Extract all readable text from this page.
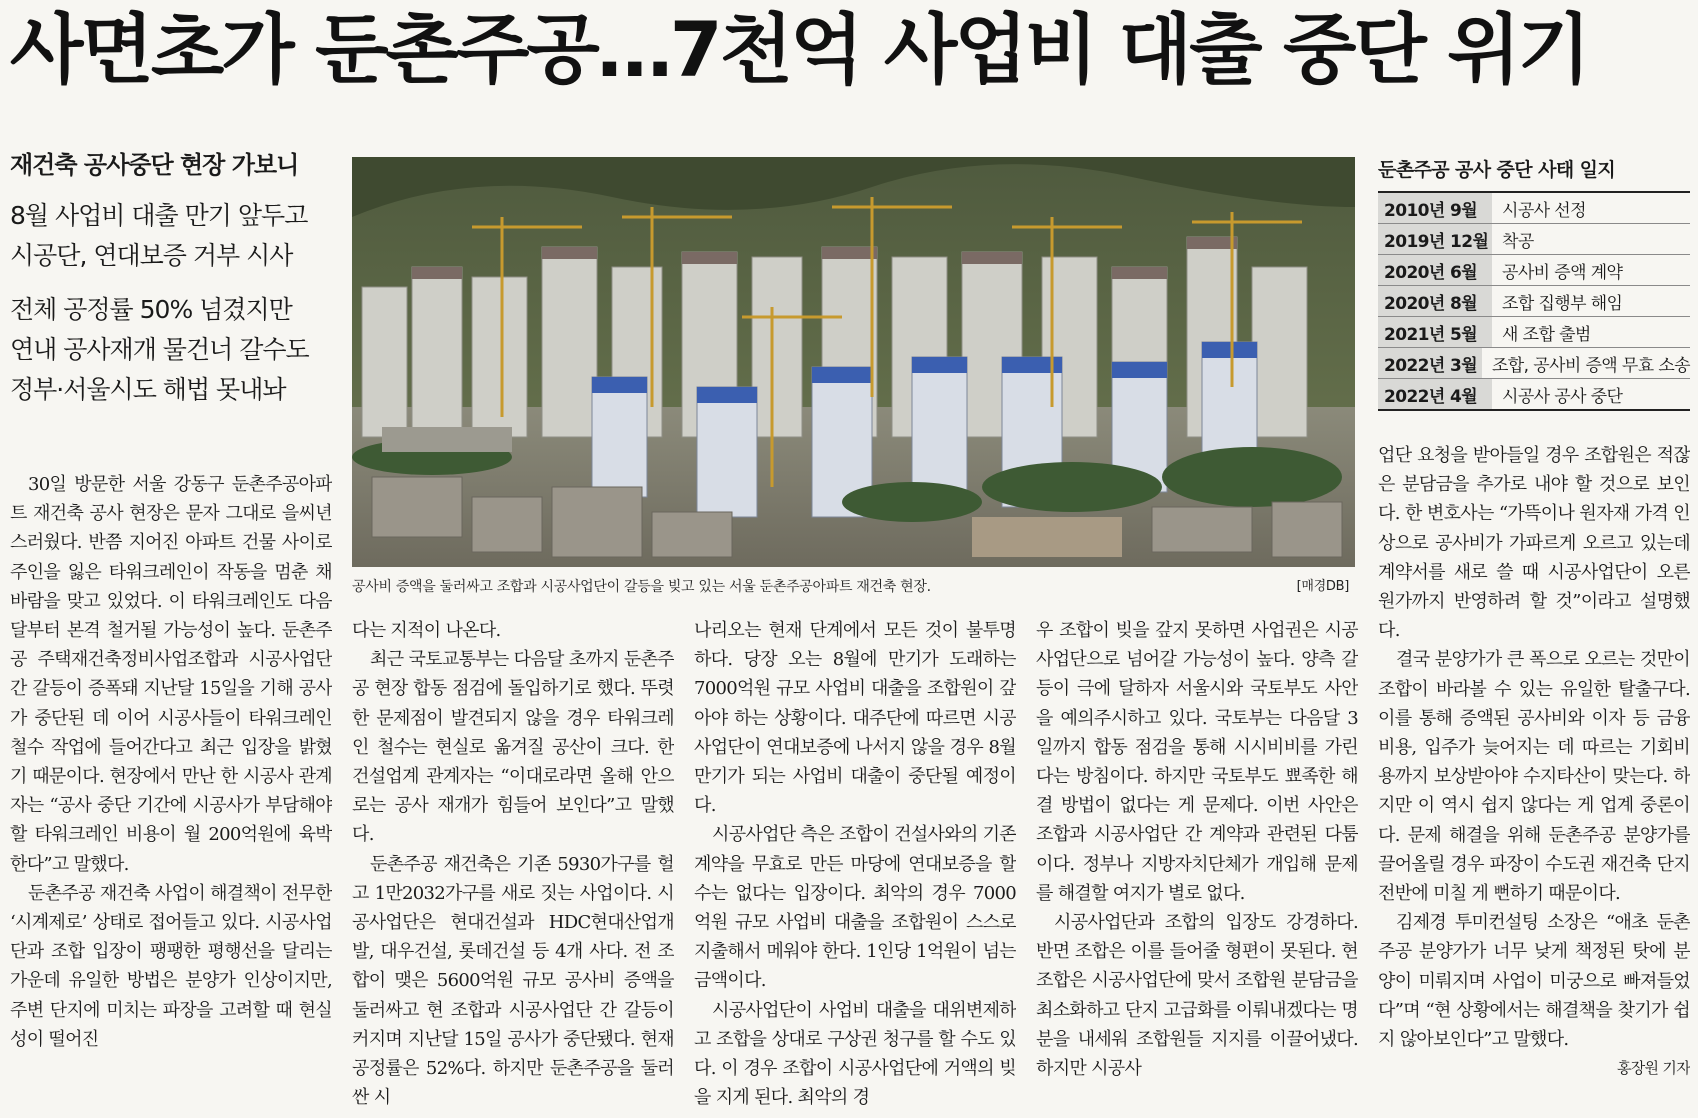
사면초가 둔촌주공…7천억 사업비 대출 중단 위기
재건축 공사중단 현장 가보니
8월 사업비 대출 만기 앞두고
시공단, 연대보증 거부 시사
전체 공정률 50% 넘겼지만
연내 공사재개 물건너 갈수도
정부·서울시도 해법 못내놔
공사비 증액을 둘러싸고 조합과 시공사업단이 갈등을 빚고 있는 서울 둔촌주공아파트 재건축 현장.	[매경DB]
둔촌주공 공사 중단 사태 일지
2010년 9월	시공사 선정
2019년 12월 착공
2020년 6월	공사비 증액 계약
2020년 8월	조합 집행부 해임
2021년 5월	새 조합 출범
2022년 3월 조합, 공사비 증액 무효 소송
2022년 4월	시공사 공사 중단

30일 방문한 서울 강동구 둔촌주공아파트 재건축 공사 현장은 문자 그대로 을씨년스러웠다. 반쯤 지어진 아파트 건물 사이로 주인을 잃은 타워크레인이 작동을 멈춘 채 바람을 맞고 있었다. 이 타워크레인도 다음달부터 본격 철거될 가능성이 높다. 둔촌주공 주택재건축정비사업조합과 시공사업단 간 갈등이 증폭돼 지난달 15일을 기해 공사가 중단된 데 이어 시공사들이 타워크레인 철수 작업에 들어간다고 최근 입장을 밝혔기 때문이다. 현장에서 만난 한 시공사 관계자는 “공사 중단 기간에 시공사가 부담해야 할 타워크레인 비용이 월 200억원에 육박한다”고 말했다.

둔촌주공 재건축 사업이 해결책이 전무한 ‘시계제로’ 상태로 접어들고 있다. 시공사업단과 조합 입장이 팽팽한 평행선을 달리는 가운데 유일한 방법은 분양가 인상이지만, 주변 단지에 미치는 파장을 고려할 때 현실성이 떨어진

다는 지적이 나온다.

최근 국토교통부는 다음달 초까지 둔촌주공 현장 합동 점검에 돌입하기로 했다. 뚜렷한 문제점이 발견되지 않을 경우 타워크레인 철수는 현실로 옮겨질 공산이 크다. 한 건설업계 관계자는 “이대로라면 올해 안으로는 공사 재개가 힘들어 보인다”고 말했다.

둔촌주공 재건축은 기존 5930가구를 헐고 1만2032가구를 새로 짓는 사업이다. 시공사업단은 현대건설과 HDC현대산업개발, 대우건설, 롯데건설 등 4개 사다. 전 조합이 맺은 5600억원 규모 공사비 증액을 둘러싸고 현 조합과 시공사업단 간 갈등이 커지며 지난달 15일 공사가 중단됐다. 현재 공정률은 52%다. 하지만 둔촌주공을 둘러싼 시

나리오는 현재 단계에서 모든 것이 불투명하다. 당장 오는 8월에 만기가 도래하는 7000억원 규모 사업비 대출을 조합원이 갚아야 하는 상황이다. 대주단에 따르면 시공사업단이 연대보증에 나서지 않을 경우 8월 만기가 되는 사업비 대출이 중단될 예정이다.

시공사업단 측은 조합이 건설사와의 기존 계약을 무효로 만든 마당에 연대보증을 할 수는 없다는 입장이다. 최악의 경우 7000억원 규모 사업비 대출을 조합원이 스스로 지출해서 메워야 한다. 1인당 1억원이 넘는 금액이다.

시공사업단이 사업비 대출을 대위변제하고 조합을 상대로 구상권 청구를 할 수도 있다. 이 경우 조합이 시공사업단에 거액의 빚을 지게 된다. 최악의 경

우 조합이 빚을 갚지 못하면 사업권은 시공사업단으로 넘어갈 가능성이 높다. 양측 갈등이 극에 달하자 서울시와 국토부도 사안을 예의주시하고 있다. 국토부는 다음달 3일까지 합동 점검을 통해 시시비비를 가린다는 방침이다. 하지만 국토부도 뾰족한 해결 방법이 없다는 게 문제다. 이번 사안은 조합과 시공사업단 간 계약과 관련된 다툼이다. 정부나 지방자치단체가 개입해 문제를 해결할 여지가 별로 없다.

시공사업단과 조합의 입장도 강경하다. 반면 조합은 이를 들어줄 형편이 못된다. 현 조합은 시공사업단에 맞서 조합원 분담금을 최소화하고 단지 고급화를 이뤄내겠다는 명분을 내세워 조합원들 지지를 이끌어냈다. 하지만 시공사

업단 요청을 받아들일 경우 조합원은 적잖은 분담금을 추가로 내야 할 것으로 보인다. 한 변호사는 “가뜩이나 원자재 가격 인상으로 공사비가 가파르게 오르고 있는데 계약서를 새로 쓸 때 시공사업단이 오른 원가까지 반영하려 할 것”이라고 설명했다.

결국 분양가가 큰 폭으로 오르는 것만이 조합이 바라볼 수 있는 유일한 탈출구다. 이를 통해 증액된 공사비와 이자 등 금융 비용, 입주가 늦어지는 데 따르는 기회비용까지 보상받아야 수지타산이 맞는다. 하지만 이 역시 쉽지 않다는 게 업계 중론이다. 문제 해결을 위해 둔촌주공 분양가를 끌어올릴 경우 파장이 수도권 재건축 단지 전반에 미칠 게 뻔하기 때문이다.

김제경 투미컨설팅 소장은 “애초 둔촌주공 분양가가 너무 낮게 책정된 탓에 분양이 미뤄지며 사업이 미궁으로 빠져들었다”며 “현 상황에서는 해결책을 찾기가 쉽지 않아보인다”고 말했다.

홍장원 기자
